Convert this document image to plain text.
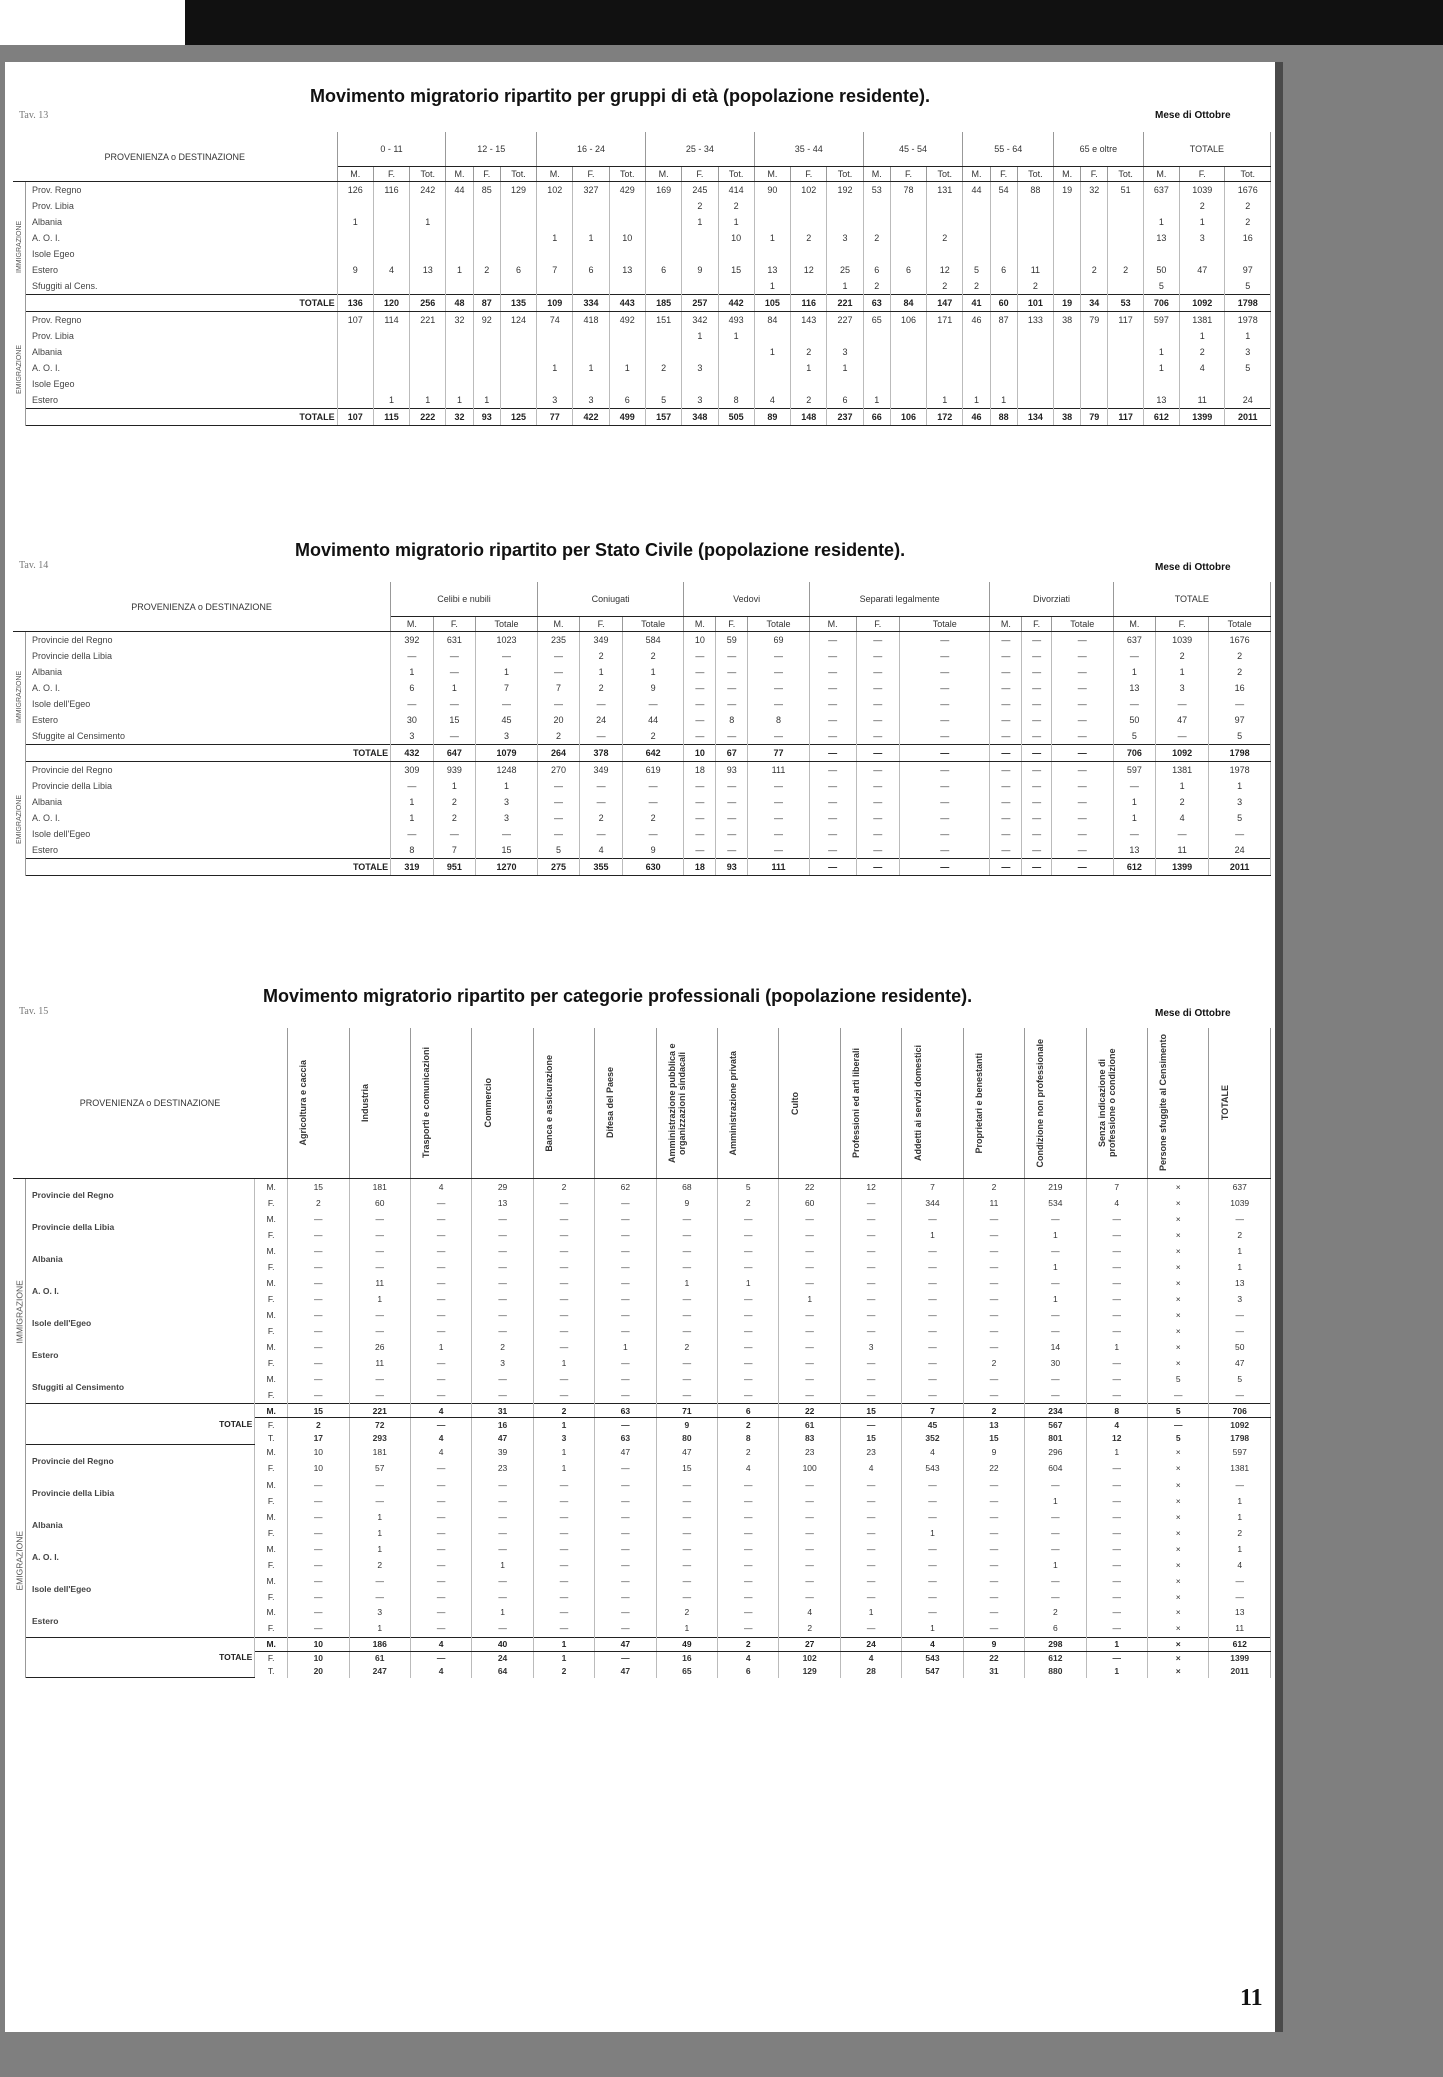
Tav. 13
Movimento migratorio ripartito per gruppi di età (popolazione residente).
Mese di Ottobre
PROVENIENZA o DESTINAZIONE		0 - 11			12 - 15			16 - 24			25 - 34			35 - 44			45 - 54			55 - 64			65 e oltre			TOTALE		
		M.	F.	Tot.	M.	F.	Tot.	M.	F.	Tot.	M.	F.	Tot.	M.	F.	Tot.	M.	F.	Tot.	M.	F.	Tot.	M.	F.	Tot.	M.	F.	Tot.
IMMIGRAZIONE	Prov. Regno	126	116	242	44	85	129	102	327	429	169	245	414	90	102	192	53	78	131	44	54	88	19	32	51	637	1039	1676
	Prov. Libia											2	2														2	2
	Albania	1		1								1	1													1	1	2
	A. O. I.							1	1	10			10	1	2	3	2		2							13	3	16
	Isole Egeo																											
	Estero	9	4	13	1	2	6	7	6	13	6	9	15	13	12	25	6	6	12	5	6	11		2	2	50	47	97
	Sfuggiti al Cens.													1		1	2		2	2		2				5		5
	TOTALE	136	120	256	48	87	135	109	334	443	185	257	442	105	116	221	63	84	147	41	60	101	19	34	53	706	1092	1798
EMIGRAZIONE	Prov. Regno	107	114	221	32	92	124	74	418	492	151	342	493	84	143	227	65	106	171	46	87	133	38	79	117	597	1381	1978
	Prov. Libia											1	1														1	1
	Albania													1	2	3										1	2	3
	A. O. I.							1	1	1	2	3			1	1										1	4	5
	Isole Egeo																											
	Estero		1	1	1	1		3	3	6	5	3	8	4	2	6	1		1	1	1					13	11	24
	TOTALE	107	115	222	32	93	125	77	422	499	157	348	505	89	148	237	66	106	172	46	88	134	38	79	117	612	1399	2011
Tav. 14
Movimento migratorio ripartito per Stato Civile (popolazione residente).
Mese di Ottobre
PROVENIENZA o DESTINAZIONE		Celibi e nubili			Coniugati			Vedovi			Separati legalmente			Divorziati			TOTALE		
		M.	F.	Totale	M.	F.	Totale	M.	F.	Totale	M.	F.	Totale	M.	F.	Totale	M.	F.	Totale
IMMIGRAZIONE	Provincie del Regno	392	631	1023	235	349	584	10	59	69	—	—	—	—	—	—	637	1039	1676
	Provincie della Libia	—	—	—	—	2	2	—	—	—	—	—	—	—	—	—	—	2	2
	Albania	1	—	1	—	1	1	—	—	—	—	—	—	—	—	—	1	1	2
	A. O. I.	6	1	7	7	2	9	—	—	—	—	—	—	—	—	—	13	3	16
	Isole dell'Egeo	—	—	—	—	—	—	—	—	—	—	—	—	—	—	—	—	—	—
	Estero	30	15	45	20	24	44	—	8	8	—	—	—	—	—	—	50	47	97
	Sfuggite al Censimento	3	—	3	2	—	2	—	—	—	—	—	—	—	—	—	5	—	5
	TOTALE	432	647	1079	264	378	642	10	67	77	—	—	—	—	—	—	706	1092	1798
EMIGRAZIONE	Provincie del Regno	309	939	1248	270	349	619	18	93	111	—	—	—	—	—	—	597	1381	1978
	Provincie della Libia	—	1	1	—	—	—	—	—	—	—	—	—	—	—	—	—	1	1
	Albania	1	2	3	—	—	—	—	—	—	—	—	—	—	—	—	1	2	3
	A. O. I.	1	2	3	—	2	2	—	—	—	—	—	—	—	—	—	1	4	5
	Isole dell'Egeo	—	—	—	—	—	—	—	—	—	—	—	—	—	—	—	—	—	—
	Estero	8	7	15	5	4	9	—	—	—	—	—	—	—	—	—	13	11	24
	TOTALE	319	951	1270	275	355	630	18	93	111	—	—	—	—	—	—	612	1399	2011
Tav. 15
Movimento migratorio ripartito per categorie professionali (popolazione residente).
Mese di Ottobre
PROVENIENZA o DESTINAZIONE			Agricoltura e caccia	Industria	Trasporti e comunicazioni	Commercio	Banca e assicurazione	Difesa del Paese	Amministrazione pubblica e organizzazioni sindacali	Amministrazione privata	Culto	Professioni ed arti liberali	Addetti ai servizi domestici	Proprietari e benestanti	Condizione non professionale	Senza indicazione di professione o condizione	Persone sfuggite al Censimento	TOTALE

IMMIGRAZIONE	Provincie del Regno	M.	15	181	4	29	2	62	68	5	22	12	7	2	219	7	×	637
		F.	2	60	—	13	—	—	9	2	60	—	344	11	534	4	×	1039
	Provincie della Libia	M.	—	—	—	—	—	—	—	—	—	—	—	—	—	—	×	—
		F.	—	—	—	—	—	—	—	—	—	—	1	—	1	—	×	2
	Albania	M.	—	—	—	—	—	—	—	—	—	—	—	—	—	—	×	1
		F.	—	—	—	—	—	—	—	—	—	—	—	—	1	—	×	1
	A. O. I.	M.	—	11	—	—	—	—	1	1	—	—	—	—	—	—	×	13
		F.	—	1	—	—	—	—	—	—	1	—	—	—	1	—	×	3
	Isole dell'Egeo	M.	—	—	—	—	—	—	—	—	—	—	—	—	—	—	×	—
		F.	—	—	—	—	—	—	—	—	—	—	—	—	—	—	×	—
	Estero	M.	—	26	1	2	—	1	2	—	—	3	—	—	14	1	×	50
		F.	—	11	—	3	1	—	—	—	—	—	—	2	30	—	×	47
	Sfuggiti al Censimento	M.	—	—	—	—	—	—	—	—	—	—	—	—	—	—	5	5
		F.	—	—	—	—	—	—	—	—	—	—	—	—	—	—	—	—
	TOTALE	M.	15	221	4	31	2	63	71	6	22	15	7	2	234	8	5	706
		F.	2	72	—	16	1	—	9	2	61	—	45	13	567	4	—	1092
		T.	17	293	4	47	3	63	80	8	83	15	352	15	801	12	5	1798
EMIGRAZIONE	Provincie del Regno	M.	10	181	4	39	1	47	47	2	23	23	4	9	296	1	×	597
		F.	10	57	—	23	1	—	15	4	100	4	543	22	604	—	×	1381
	Provincie della Libia	M.	—	—	—	—	—	—	—	—	—	—	—	—	—	—	×	—
		F.	—	—	—	—	—	—	—	—	—	—	—	—	1	—	×	1
	Albania	M.	—	1	—	—	—	—	—	—	—	—	—	—	—	—	×	1
		F.	—	1	—	—	—	—	—	—	—	—	1	—	—	—	×	2
	A. O. I.	M.	—	1	—	—	—	—	—	—	—	—	—	—	—	—	×	1
		F.	—	2	—	1	—	—	—	—	—	—	—	—	1	—	×	4
	Isole dell'Egeo	M.	—	—	—	—	—	—	—	—	—	—	—	—	—	—	×	—
		F.	—	—	—	—	—	—	—	—	—	—	—	—	—	—	×	—
	Estero	M.	—	3	—	1	—	—	2	—	4	1	—	—	2	—	×	13
		F.	—	1	—	—	—	—	1	—	2	—	1	—	6	—	×	11
	TOTALE	M.	10	186	4	40	1	47	49	2	27	24	4	9	298	1	×	612
		F.	10	61	—	24	1	—	16	4	102	4	543	22	612	—	×	1399
		T.	20	247	4	64	2	47	65	6	129	28	547	31	880	1	×	2011
11
